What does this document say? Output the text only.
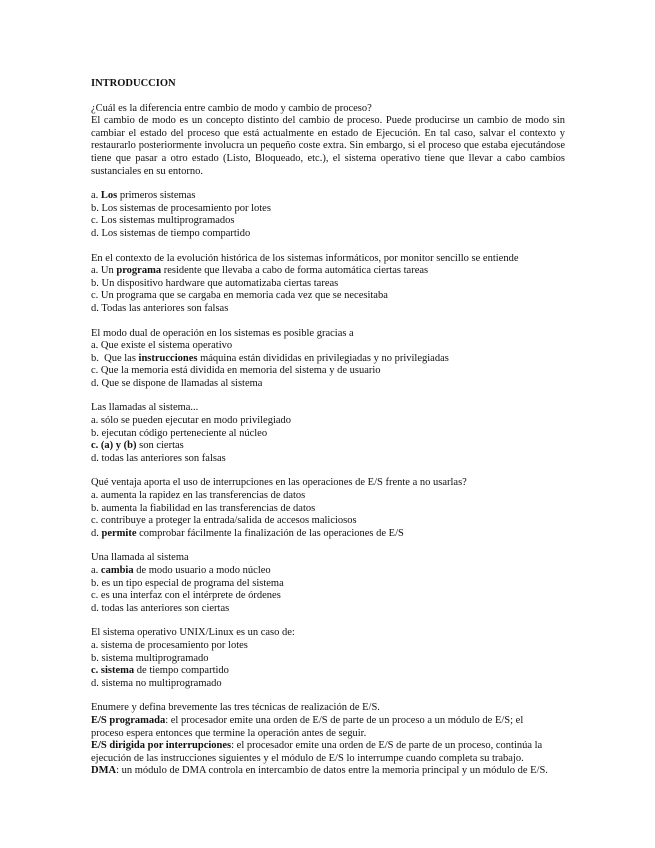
INTRODUCCION
¿Cuál es la diferencia entre cambio de modo y cambio de proceso?
El cambio de modo es un concepto distinto del cambio de proceso. Puede producirse un cambio de modo sin cambiar el estado del proceso que está actualmente en estado de Ejecución. En tal caso, salvar el contexto y restaurarlo posteriormente involucra un pequeño coste extra. Sin embargo, si el proceso que estaba ejecutándose tiene que pasar a otro estado (Listo, Bloqueado, etc.), el sistema operativo tiene que llevar a cabo cambios sustanciales en su entorno.
a. Los primeros sistemas
b. Los sistemas de procesamiento por lotes
c. Los sistemas multiprogramados
d. Los sistemas de tiempo compartido
En el contexto de la evolución histórica de los sistemas informáticos, por monitor sencillo se entiende
a. Un programa residente que llevaba a cabo de forma automática ciertas tareas
b. Un dispositivo hardware que automatizaba ciertas tareas
c. Un programa que se cargaba en memoria cada vez que se necesitaba
d. Todas las anteriores son falsas
El modo dual de operación en los sistemas es posible gracias a
a. Que existe el sistema operativo
b.  Que las instrucciones máquina están divididas en privilegiadas y no privilegiadas
c. Que la memoria está dividida en memoria del sistema y de usuario
d. Que se dispone de llamadas al sistema
Las llamadas al sistema...
a. sólo se pueden ejecutar en modo privilegiado
b. ejecutan código perteneciente al núcleo
c. (a) y (b) son ciertas
d. todas las anteriores son falsas
Qué ventaja aporta el uso de interrupciones en las operaciones de E/S frente a no usarlas?
a. aumenta la rapidez en las transferencias de datos
b. aumenta la fiabilidad en las transferencias de datos
c. contribuye a proteger la entrada/salida de accesos maliciosos
d. permite comprobar fácilmente la finalización de las operaciones de E/S
Una llamada al sistema
a. cambia de modo usuario a modo núcleo
b. es un tipo especial de programa del sistema
c. es una interfaz con el intérprete de órdenes
d. todas las anteriores son ciertas
El sistema operativo UNIX/Linux es un caso de:
a. sistema de procesamiento por lotes
b. sistema multiprogramado
c. sistema de tiempo compartido
d. sistema no multiprogramado
Enumere y defina brevemente las tres técnicas de realización de E/S.
E/S programada: el procesador emite una orden de E/S de parte de un proceso a un módulo de E/S; el
proceso espera entonces que termine la operación antes de seguir.
E/S dirigida por interrupciones: el procesador emite una orden de E/S de parte de un proceso, continúa la
ejecución de las instrucciones siguientes y el módulo de E/S lo interrumpe cuando completa su trabajo.
DMA: un módulo de DMA controla en intercambio de datos entre la memoria principal y un módulo de E/S.
